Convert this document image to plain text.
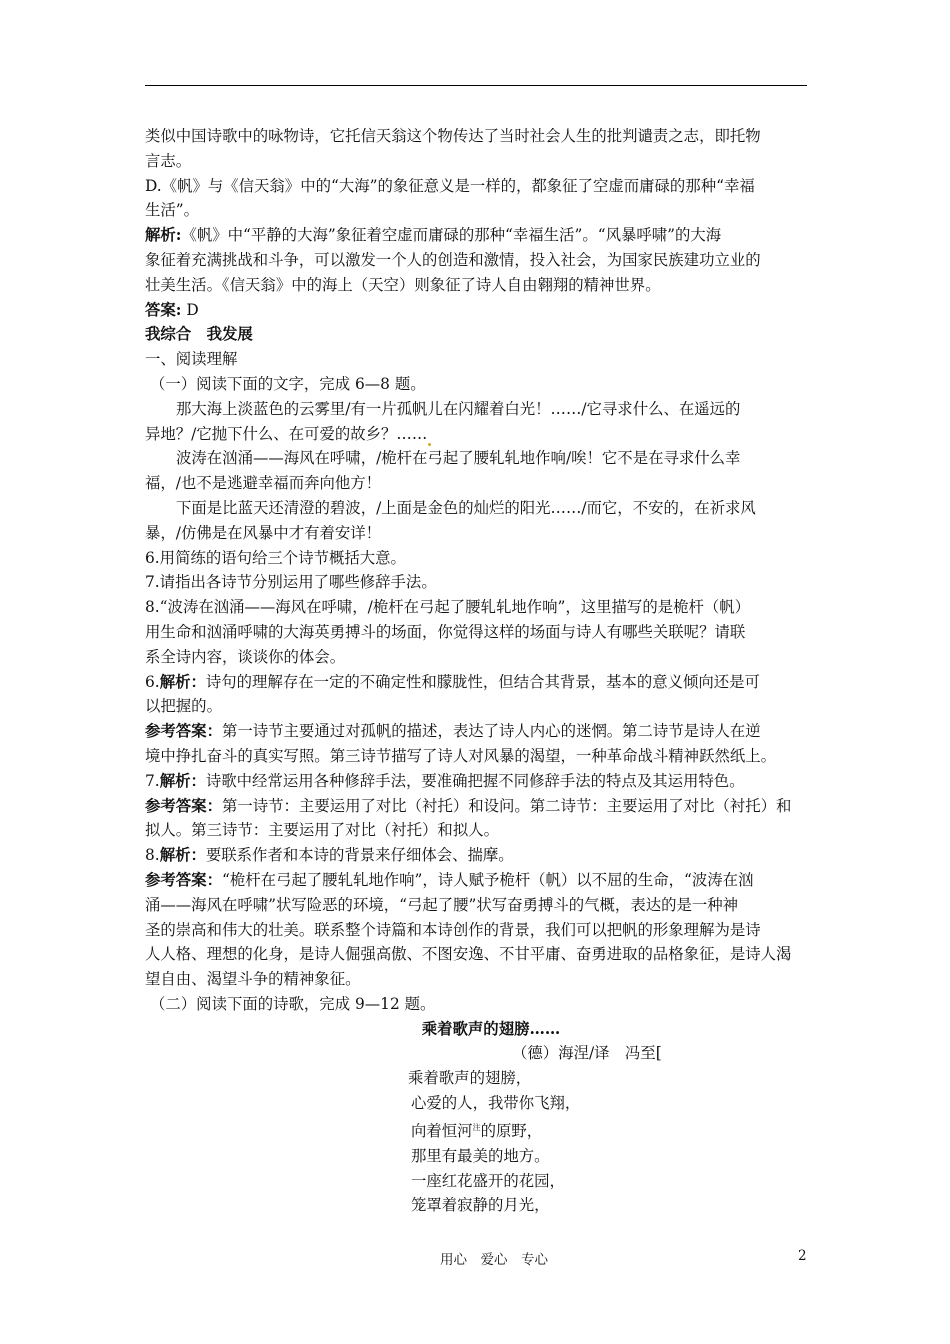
类似中国诗歌中的咏物诗，它托信天翁这个物传达了当时社会人生的批判谴责之志，即托物

言志。

D.《帆》与《信天翁》中的“大海”的象征意义是一样的，都象征了空虚而庸碌的那种“幸福

生活”。

解析:《帆》中“平静的大海”象征着空虚而庸碌的那种“幸福生活”。“风暴呼啸”的大海

象征着充满挑战和斗争，可以激发一个人的创造和激情，投入社会，为国家民族建功立业的

壮美生活。《信天翁》中的海上（天空）则象征了诗人自由翱翔的精神世界。

答案: D

我综合　我发展

一、阅读理解

（一）阅读下面的文字，完成 6—8 题。

那大海上淡蓝色的云雾里/有一片孤帆儿在闪耀着白光！……/它寻求什么、在遥远的

异地？/它抛下什么、在可爱的故乡？……

波涛在汹涌——海风在呼啸，/桅杆在弓起了腰轧轧地作响/唉！它不是在寻求什么幸

福，/也不是逃避幸福而奔向他方！

下面是比蓝天还清澄的碧波，/上面是金色的灿烂的阳光……/而它，不安的，在祈求风

暴，/仿佛是在风暴中才有着安详！

6.用简练的语句给三个诗节概括大意。

7.请指出各诗节分别运用了哪些修辞手法。

8.“波涛在汹涌——海风在呼啸，/桅杆在弓起了腰轧轧地作响”，这里描写的是桅杆（帆）

用生命和汹涌呼啸的大海英勇搏斗的场面，你觉得这样的场面与诗人有哪些关联呢？请联

系全诗内容，谈谈你的体会。

6.解析：诗句的理解存在一定的不确定性和朦胧性，但结合其背景，基本的意义倾向还是可

以把握的。

参考答案：第一诗节主要通过对孤帆的描述，表达了诗人内心的迷惘。第二诗节是诗人在逆

境中挣扎奋斗的真实写照。第三诗节描写了诗人对风暴的渴望，一种革命战斗精神跃然纸上。

7.解析：诗歌中经常运用各种修辞手法，要准确把握不同修辞手法的特点及其运用特色。

参考答案：第一诗节：主要运用了对比（衬托）和设问。第二诗节：主要运用了对比（衬托）和

拟人。第三诗节：主要运用了对比（衬托）和拟人。

8.解析：要联系作者和本诗的背景来仔细体会、揣摩。

参考答案：“桅杆在弓起了腰轧轧地作响”，诗人赋予桅杆（帆）以不屈的生命，“波涛在汹

涌——海风在呼啸”状写险恶的环境，“弓起了腰”状写奋勇搏斗的气概，表达的是一种神

圣的崇高和伟大的壮美。联系整个诗篇和本诗创作的背景，我们可以把帆的形象理解为是诗

人人格、理想的化身，是诗人倔强高傲、不图安逸、不甘平庸、奋勇进取的品格象征，是诗人渴

望自由、渴望斗争的精神象征。

（二）阅读下面的诗歌，完成 9—12 题。

乘着歌声的翅膀……

（德）海涅/译　冯至[

乘着歌声的翅膀，

心爱的人，我带你飞翔，

向着恒河$^注$的原野，

那里有最美的地方。

一座红花盛开的花园，

笼罩着寂静的月光，

用心　爱心　专心	2
